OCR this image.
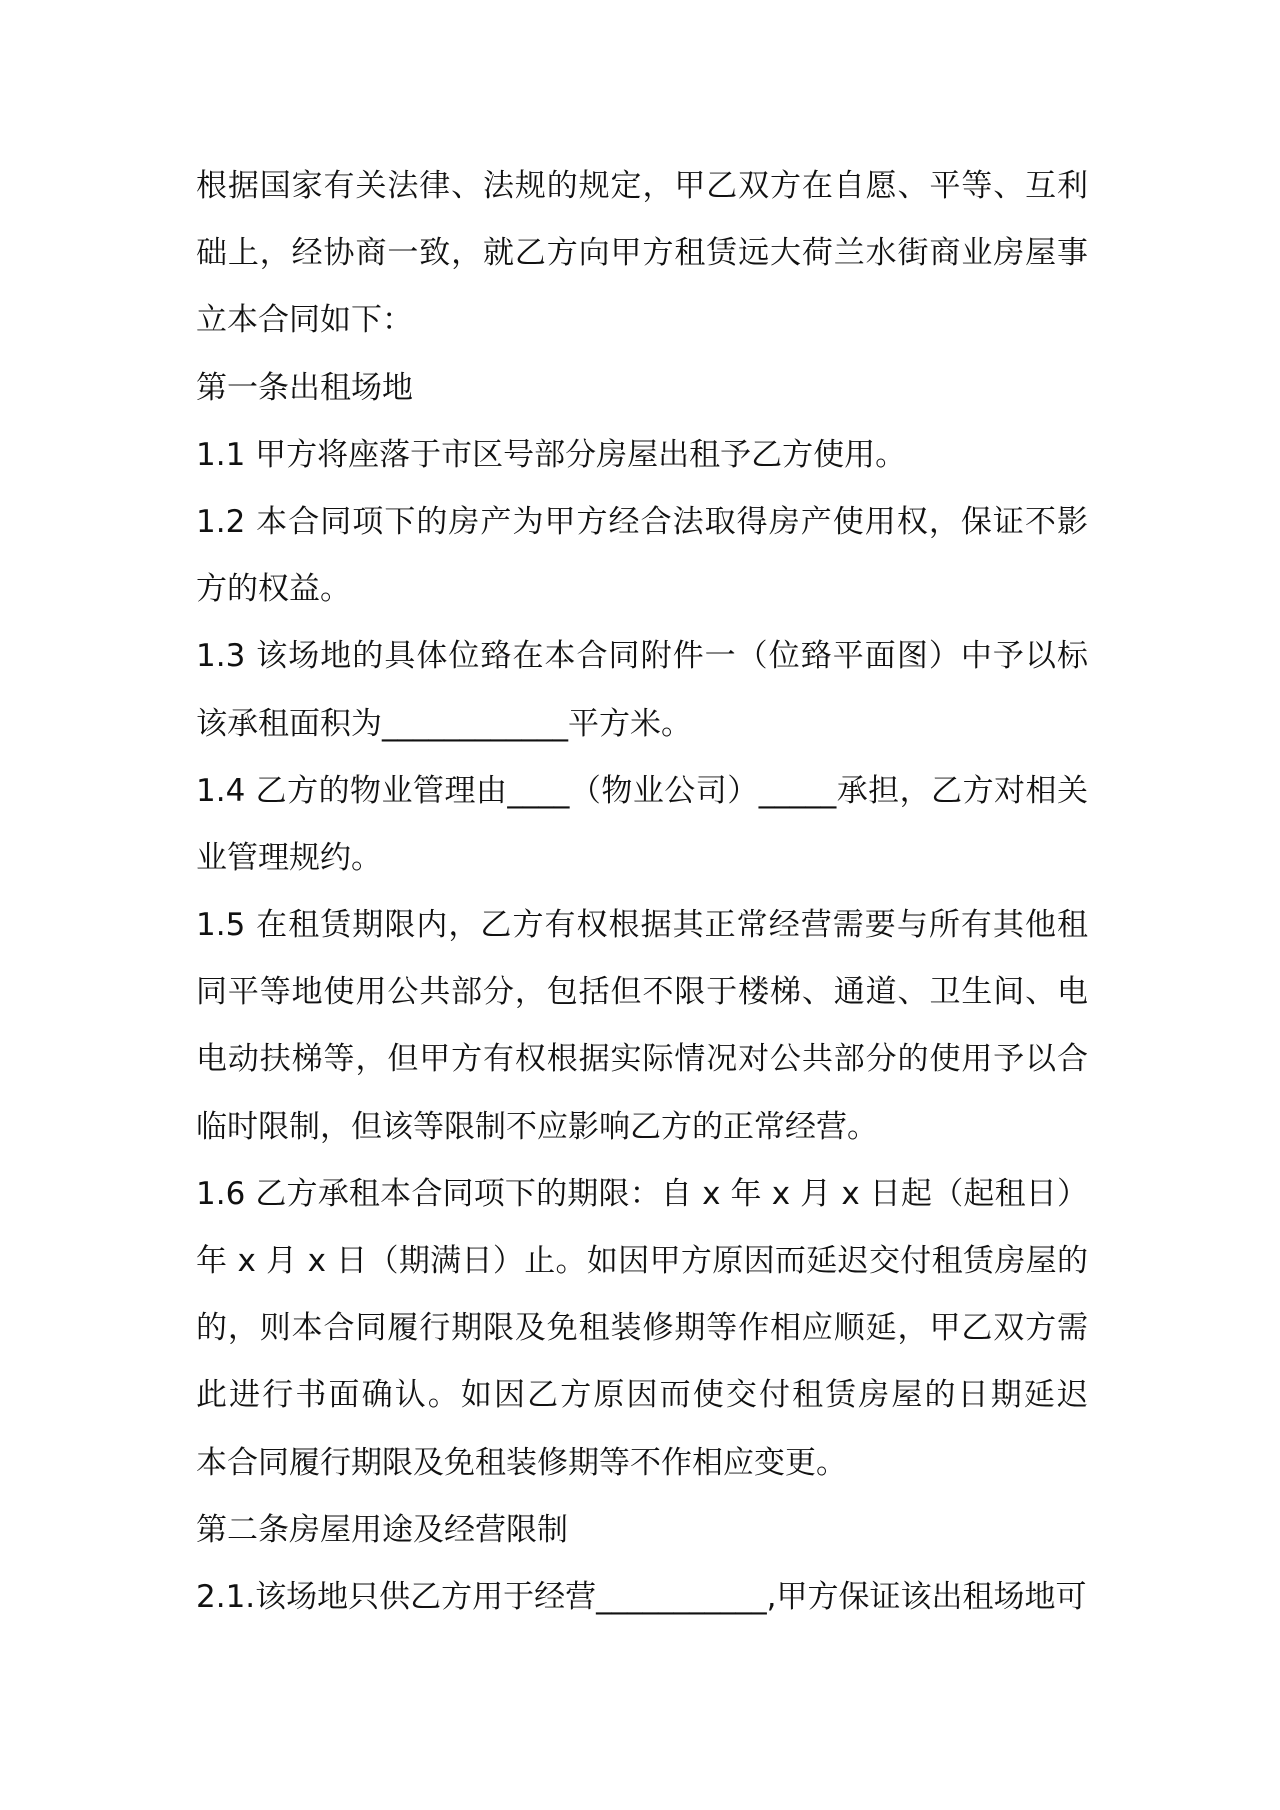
根据国家有关法律、法规的规定，甲乙双方在自愿、平等、互利
础上，经协商一致，就乙方向甲方租赁远大荷兰水街商业房屋事
立本合同如下：
第一条出租场地
1.1 甲方将座落于市区号部分房屋出租予乙方使用。
1.2 本合同项下的房产为甲方经合法取得房产使用权，保证不影
方的权益。
1.3 该场地的具体位臵在本合同附件一（位臵平面图）中予以标
该承租面积为____________平方米。
1.4 乙方的物业管理由____（物业公司）_____承担，乙方对相关
业管理规约。
1.5 在租赁期限内，乙方有权根据其正常经营需要与所有其他租
同平等地使用公共部分，包括但不限于楼梯、通道、卫生间、电
电动扶梯等，但甲方有权根据实际情况对公共部分的使用予以合
临时限制，但该等限制不应影响乙方的正常经营。
1.6 乙方承租本合同项下的期限：自 x 年 x 月 x 日起（起租日）
年 x 月 x 日（期满日）止。如因甲方原因而延迟交付租赁房屋的
的，则本合同履行期限及免租装修期等作相应顺延，甲乙双方需
此进行书面确认。如因乙方原因而使交付租赁房屋的日期延迟
本合同履行期限及免租装修期等不作相应变更。
第二条房屋用途及经营限制
2.1.该场地只供乙方用于经营___________,甲方保证该出租场地可
